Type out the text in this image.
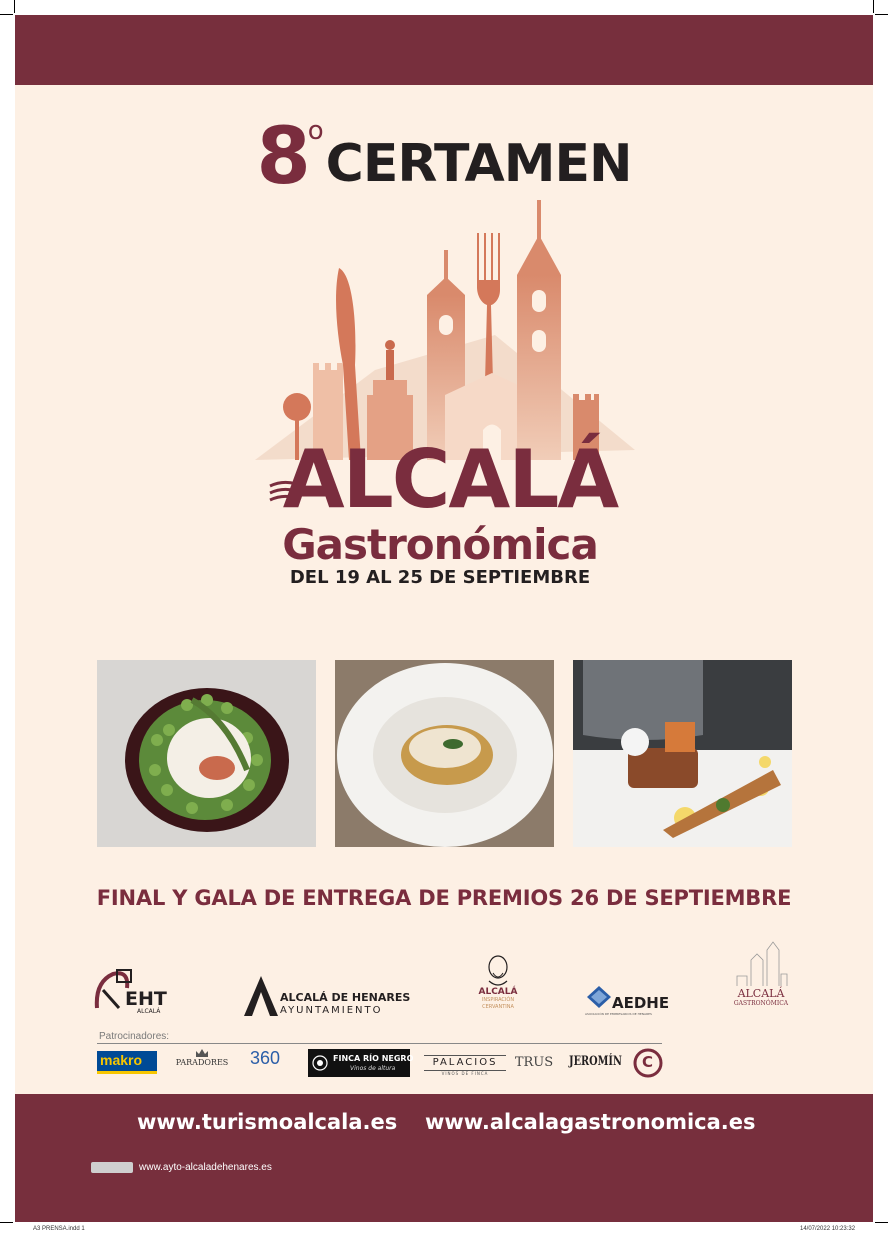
8oCERTAMEN
ALCALÁ
Gastronómica
DEL 19 AL 25 DE SEPTIEMBRE
FINAL Y GALA DE ENTREGA DE PREMIOS 26 DE SEPTIEMBRE
EHT
ALCALÁ
ALCALÁ DE HENARES
AYUNTAMIENTO
ALCALÁ
INSPIRACIÓN
CERVANTINA	AEDHE
ASOCIACIÓN DE EMPRESARIOS DE HENARES
ALCALÁ
GASTRONÓMICA
Patrocinadores:
makro	PARADORES 360	FINCA RÍO NEGRO
Vinos de altura
PALACIOS
VINOS DE FINCA
TRUS JEROMÍN C
www.turismoalcala.es www.alcalagastronomica.es
www.ayto-alcaladehenares.es
A3 PRENSA.indd 1	14/07/2022 10:23:32
